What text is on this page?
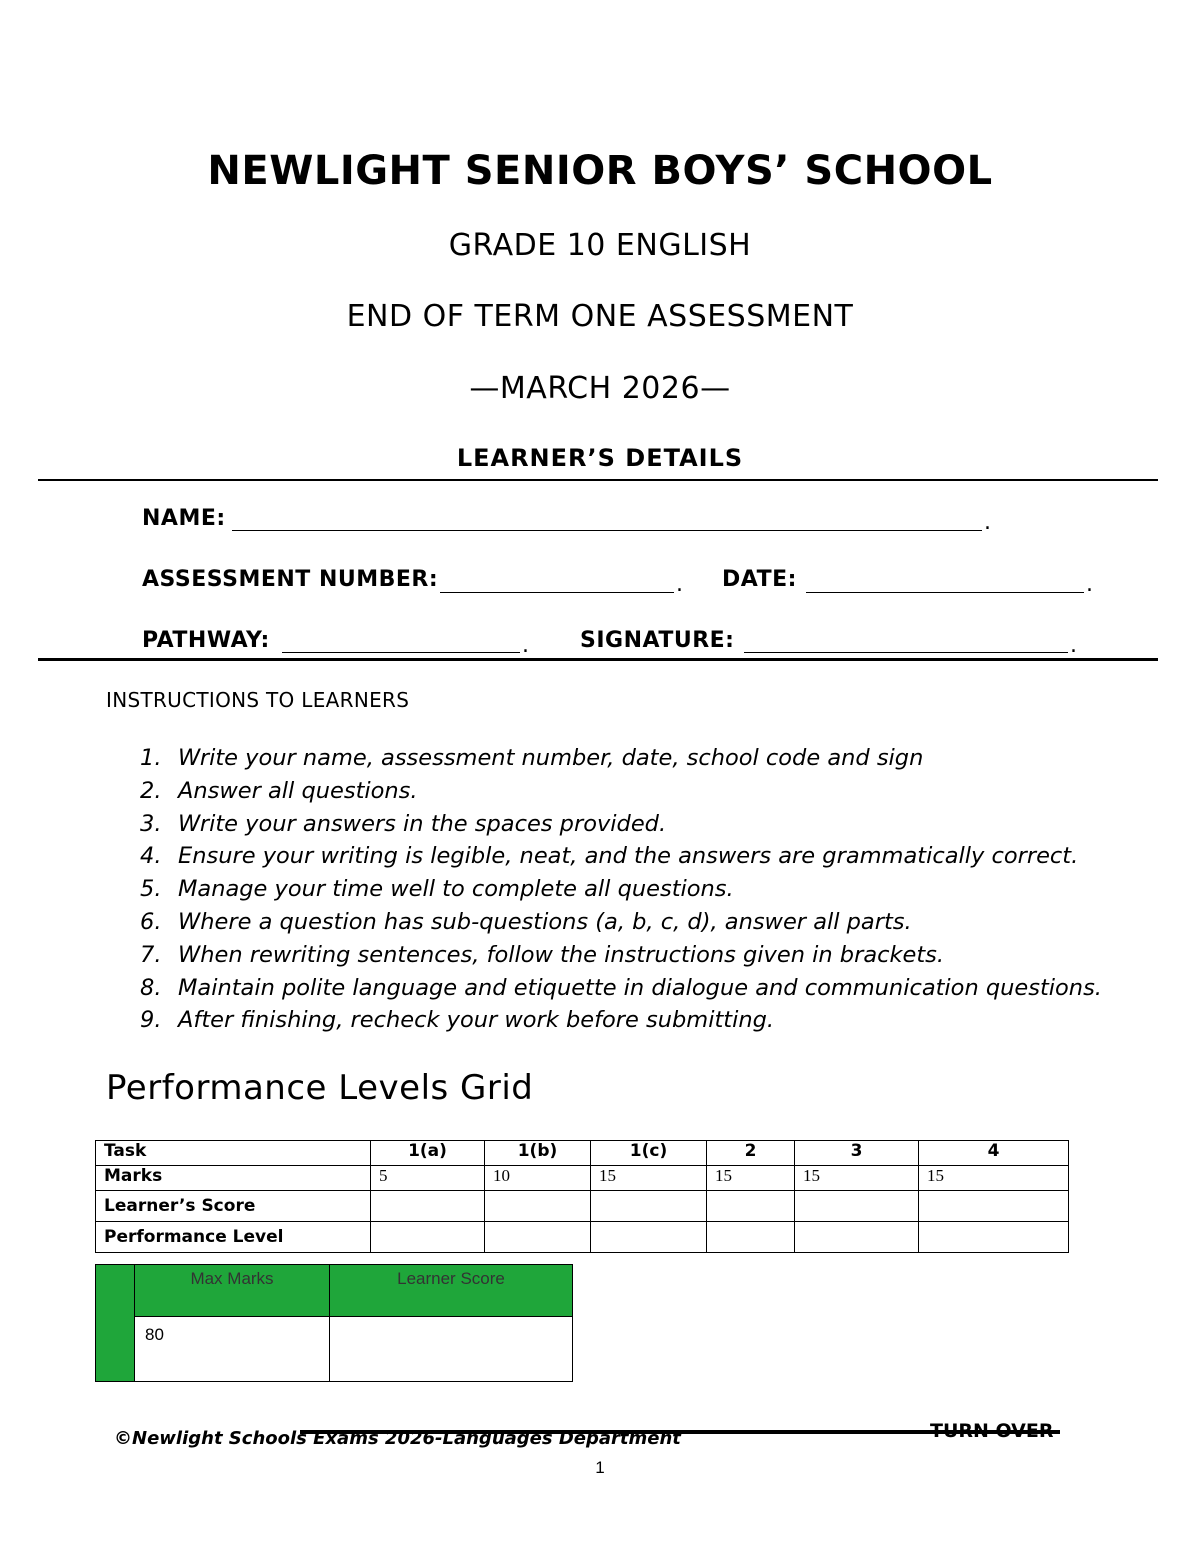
NEWLIGHT SENIOR BOYS’ SCHOOL
GRADE 10 ENGLISH
END OF TERM ONE ASSESSMENT
—MARCH 2026—
LEARNER’S DETAILS
NAME:	.
ASSESSMENT NUMBER:	. DATE:	.
PATHWAY:	. SIGNATURE:	.
INSTRUCTIONS TO LEARNERS
1. Write your name, assessment number, date, school code and sign
2. Answer all questions.
3. Write your answers in the spaces provided.
4. Ensure your writing is legible, neat, and the answers are grammatically correct.
5. Manage your time well to complete all questions.
6. Where a question has sub-questions (a, b, c, d), answer all parts.
7. When rewriting sentences, follow the instructions given in brackets.
8. Maintain polite language and etiquette in dialogue and communication questions.
9. After finishing, recheck your work before submitting.
Performance Levels Grid
Task	1(a)	1(b)	1(c)	2	3	4
Marks	5	10	15	15	15	15
Learner’s Score						
Performance Level						
	Max Marks	Learner Score
	80	
©Newlight Schools Exams 2026-Languages Department	TURN OVER
1
